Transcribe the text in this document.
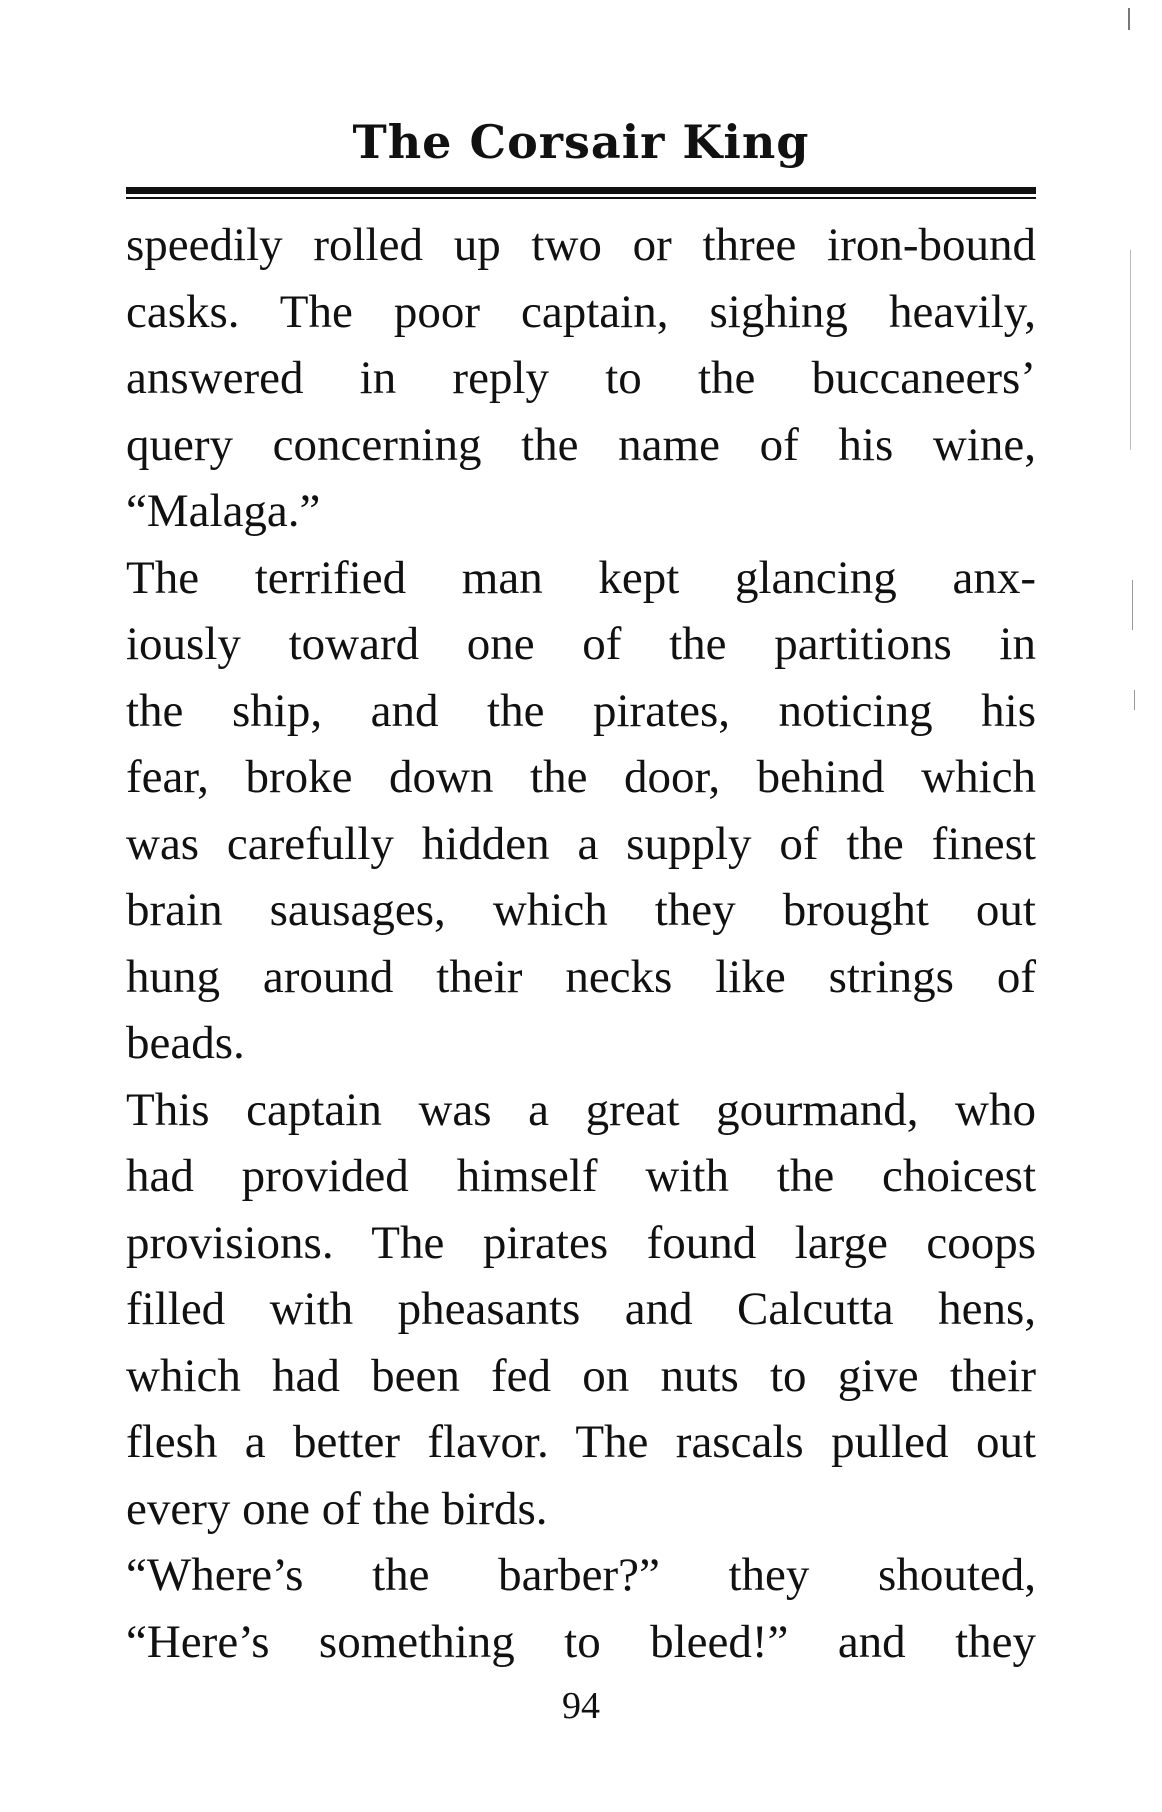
The Corsair King
speedily rolled up two or three iron-bound
casks. The poor captain, sighing heavily,
answered in reply to the buccaneers’
query concerning the name of his wine,
“Malaga.”
The terrified man kept glancing anx-
iously toward one of the partitions in
the ship, and the pirates, noticing his
fear, broke down the door, behind which
was carefully hidden a supply of the finest
brain sausages, which they brought out
hung around their necks like strings of
beads.
This captain was a great gourmand, who
had provided himself with the choicest
provisions. The pirates found large coops
filled with pheasants and Calcutta hens,
which had been fed on nuts to give their
flesh a better flavor. The rascals pulled out
every one of the birds.
“Where’s the barber?” they shouted,
“Here’s something to bleed!” and they
94
